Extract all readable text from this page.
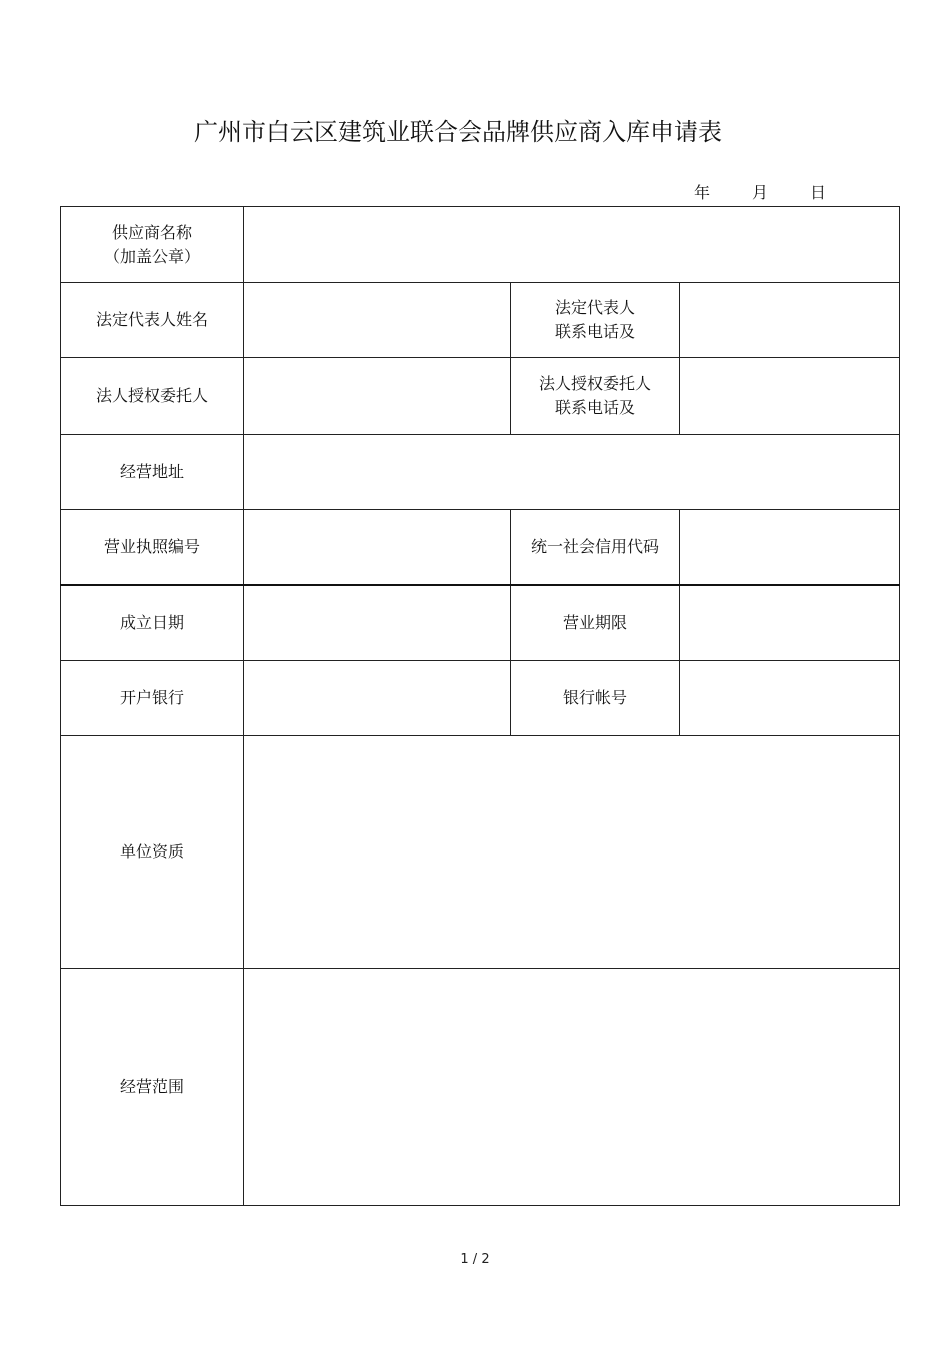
广州市白云区建筑业联合会品牌供应商入库申请表
年	月	日
供应商名称
（加盖公章）			

法定代表人姓名		法定代表人
联系电话及	

法人授权委托人		法人授权委托人
联系电话及	

经营地址			
营业执照编号		统一社会信用代码	
成立日期		营业期限	
开户银行		银行帐号	
单位资质			
经营范围			
1 / 2
